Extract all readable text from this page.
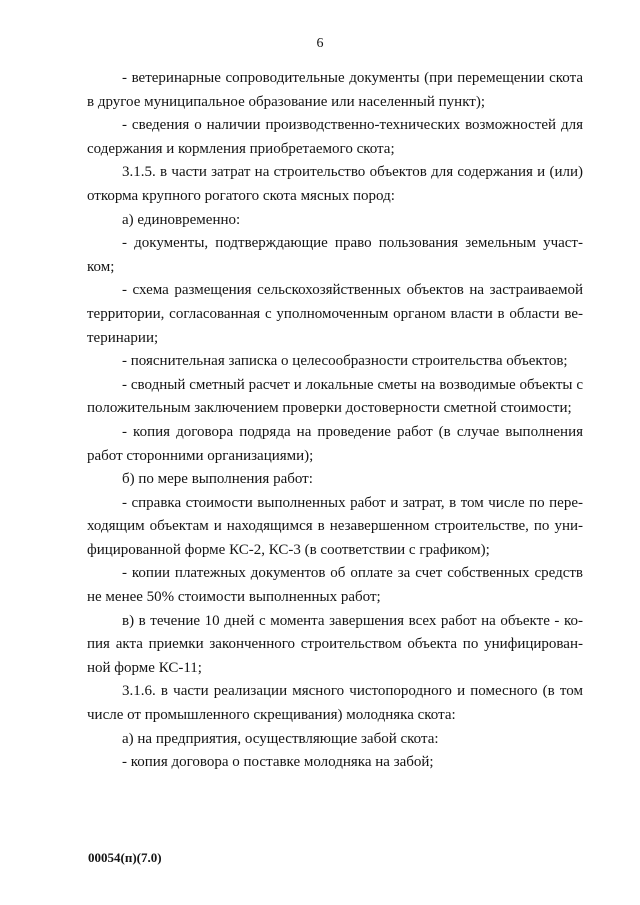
6

- ветеринарные сопроводительные документы (при перемещении скота в другое муниципальное образование или населенный пункт);

- сведения о наличии производственно-технических возможностей для содержания и кормления приобретаемого скота;

3.1.5. в части затрат на строительство объектов для содержания и (или) откорма крупного рогатого скота мясных пород:

а) единовременно:

- документы, подтверждающие право пользования земельным участком;

- схема размещения сельскохозяйственных объектов на застраиваемой территории, согласованная с уполномоченным органом власти в области ветеринарии;

- пояснительная записка о целесообразности строительства объектов;

- сводный сметный расчет и локальные сметы на возводимые объекты с положительным заключением проверки достоверности сметной стоимости;

- копия договора подряда на проведение работ (в случае выполнения работ сторонними организациями);

б) по мере выполнения работ:

- справка стоимости выполненных работ и затрат, в том числе по переходящим объектам и находящимся в незавершенном строительстве, по унифицированной форме КС-2, КС-3 (в соответствии с графиком);

- копии платежных документов об оплате за счет собственных средств не менее 50% стоимости выполненных работ;

в) в течение 10 дней с момента завершения всех работ на объекте - копия акта приемки законченного строительством объекта по унифицированной форме КС-11;

3.1.6. в части реализации мясного чистопородного и помесного (в том числе от промышленного скрещивания) молодняка скота:

а) на предприятия, осуществляющие забой скота:

- копия договора о поставке молодняка на забой;

00054(п)(7.0)
